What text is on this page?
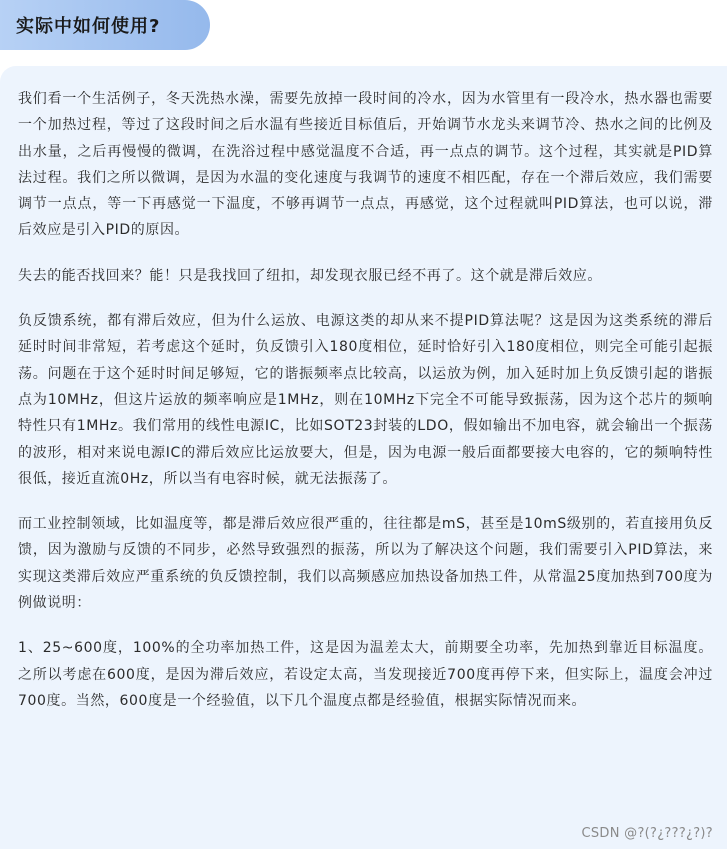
实际中如何使用?

我们看一个生活例子，冬天洗热水澡，需要先放掉一段时间的冷水，因为水管里有一段冷水，热水器也需要一个加热过程，等过了这段时间之后水温有些接近目标值后，开始调节水龙头来调节冷、热水之间的比例及出水量，之后再慢慢的微调，在洗浴过程中感觉温度不合适，再一点点的调节。这个过程，其实就是PID算法过程。我们之所以微调，是因为水温的变化速度与我调节的速度不相匹配，存在一个滞后效应，我们需要调节一点点，等一下再感觉一下温度，不够再调节一点点，再感觉，这个过程就叫PID算法，也可以说，滞后效应是引入PID的原因。

失去的能否找回来？能！只是我找回了纽扣，却发现衣服已经不再了。这个就是滞后效应。

负反馈系统，都有滞后效应，但为什么运放、电源这类的却从来不提PID算法呢？这是因为这类系统的滞后延时时间非常短，若考虑这个延时，负反馈引入180度相位，延时恰好引入180度相位，则完全可能引起振荡。问题在于这个延时时间足够短，它的谐振频率点比较高，以运放为例，加入延时加上负反馈引起的谐振点为10MHz，但这片运放的频率响应是1MHz，则在10MHz下完全不可能导致振荡，因为这个芯片的频响特性只有1MHz。我们常用的线性电源IC，比如SOT23封装的LDO，假如输出不加电容，就会输出一个振荡的波形，相对来说电源IC的滞后效应比运放要大，但是，因为电源一般后面都要接大电容的，它的频响特性很低，接近直流0Hz，所以当有电容时候，就无法振荡了。

而工业控制领域，比如温度等，都是滞后效应很严重的，往往都是mS，甚至是10mS级别的，若直接用负反馈，因为激励与反馈的不同步，必然导致强烈的振荡，所以为了解决这个问题，我们需要引入PID算法，来实现这类滞后效应严重系统的负反馈控制，我们以高频感应加热设备加热工件，从常温25度加热到700度为例做说明：

1、25~600度，100%的全功率加热工件，这是因为温差太大，前期要全功率，先加热到靠近目标温度。之所以考虑在600度，是因为滞后效应，若设定太高，当发现接近700度再停下来，但实际上，温度会冲过700度。当然，600度是一个经验值，以下几个温度点都是经验值，根据实际情况而来。

CSDN @?(?¿???¿?)?
